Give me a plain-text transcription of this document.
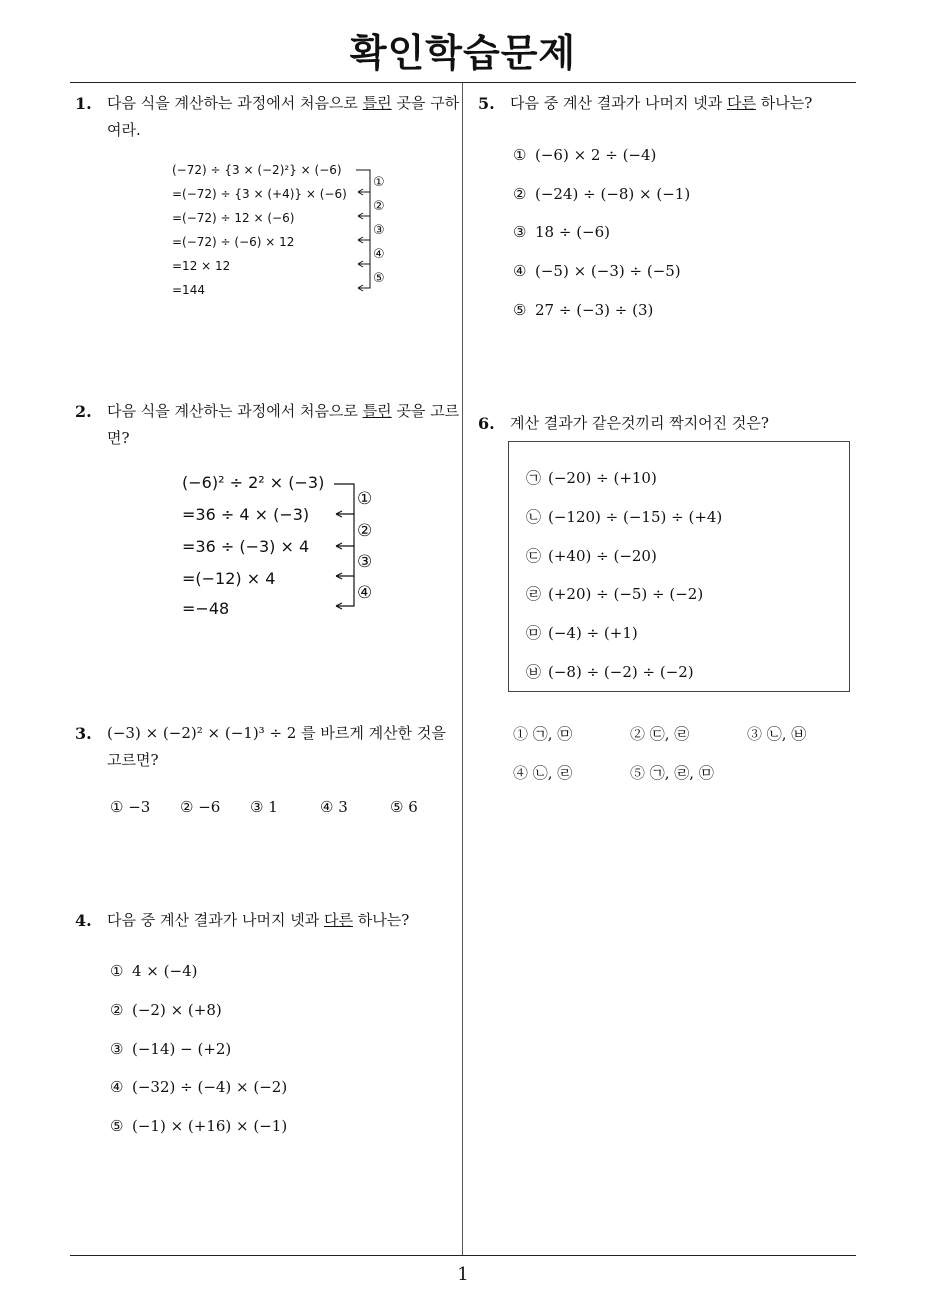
확인학습문제
1
1.	다음 식을 계산하는 과정에서 처음으로 틀린 곳을 구하여라.
(−72) ÷ {3 × (−2)²} × (−6)
=(−72) ÷ {3 × (+4)} × (−6)
=(−72) ÷ 12 × (−6)
=(−72) ÷ (−6) × 12
=12 × 12
=144
①
②
③
④
⑤
2.	다음 식을 계산하는 과정에서 처음으로 틀린 곳을 고르면?
(−6)² ÷ 2² × (−3)
=36 ÷ 4 × (−3)
=36 ÷ (−3) × 4
=(−12) × 4
=−48
①
②
③
④
3.	(−3) × (−2)² × (−1)³ ÷ 2 를 바르게 계산한 것을 고르면?
① −3 ② −6 ③ 1	④ 3	⑤ 6
4.	다음 중 계산 결과가 나머지 넷과 다른 하나는?
① 4 × (−4)
② (−2) × (+8)
③ (−14) − (+2)
④ (−32) ÷ (−4) × (−2)
⑤ (−1) × (+16) × (−1)
5.	다음 중 계산 결과가 나머지 넷과 다른 하나는?
① (−6) × 2 ÷ (−4)
② (−24) ÷ (−8) × (−1)
③ 18 ÷ (−6)
④ (−5) × (−3) ÷ (−5)
⑤ 27 ÷ (−3) ÷ (3)
6.	계산 결과가 같은것끼리 짝지어진 것은?
㉠ (−20) ÷ (+10)
㉡ (−120) ÷ (−15) ÷ (+4)
㉢ (+40) ÷ (−20)
㉣ (+20) ÷ (−5) ÷ (−2)
㉤ (−4) ÷ (+1)
㉥ (−8) ÷ (−2) ÷ (−2)
① ㉠, ㉤	② ㉢, ㉣	③ ㉡, ㉥
④ ㉡, ㉣	⑤ ㉠, ㉣, ㉤
